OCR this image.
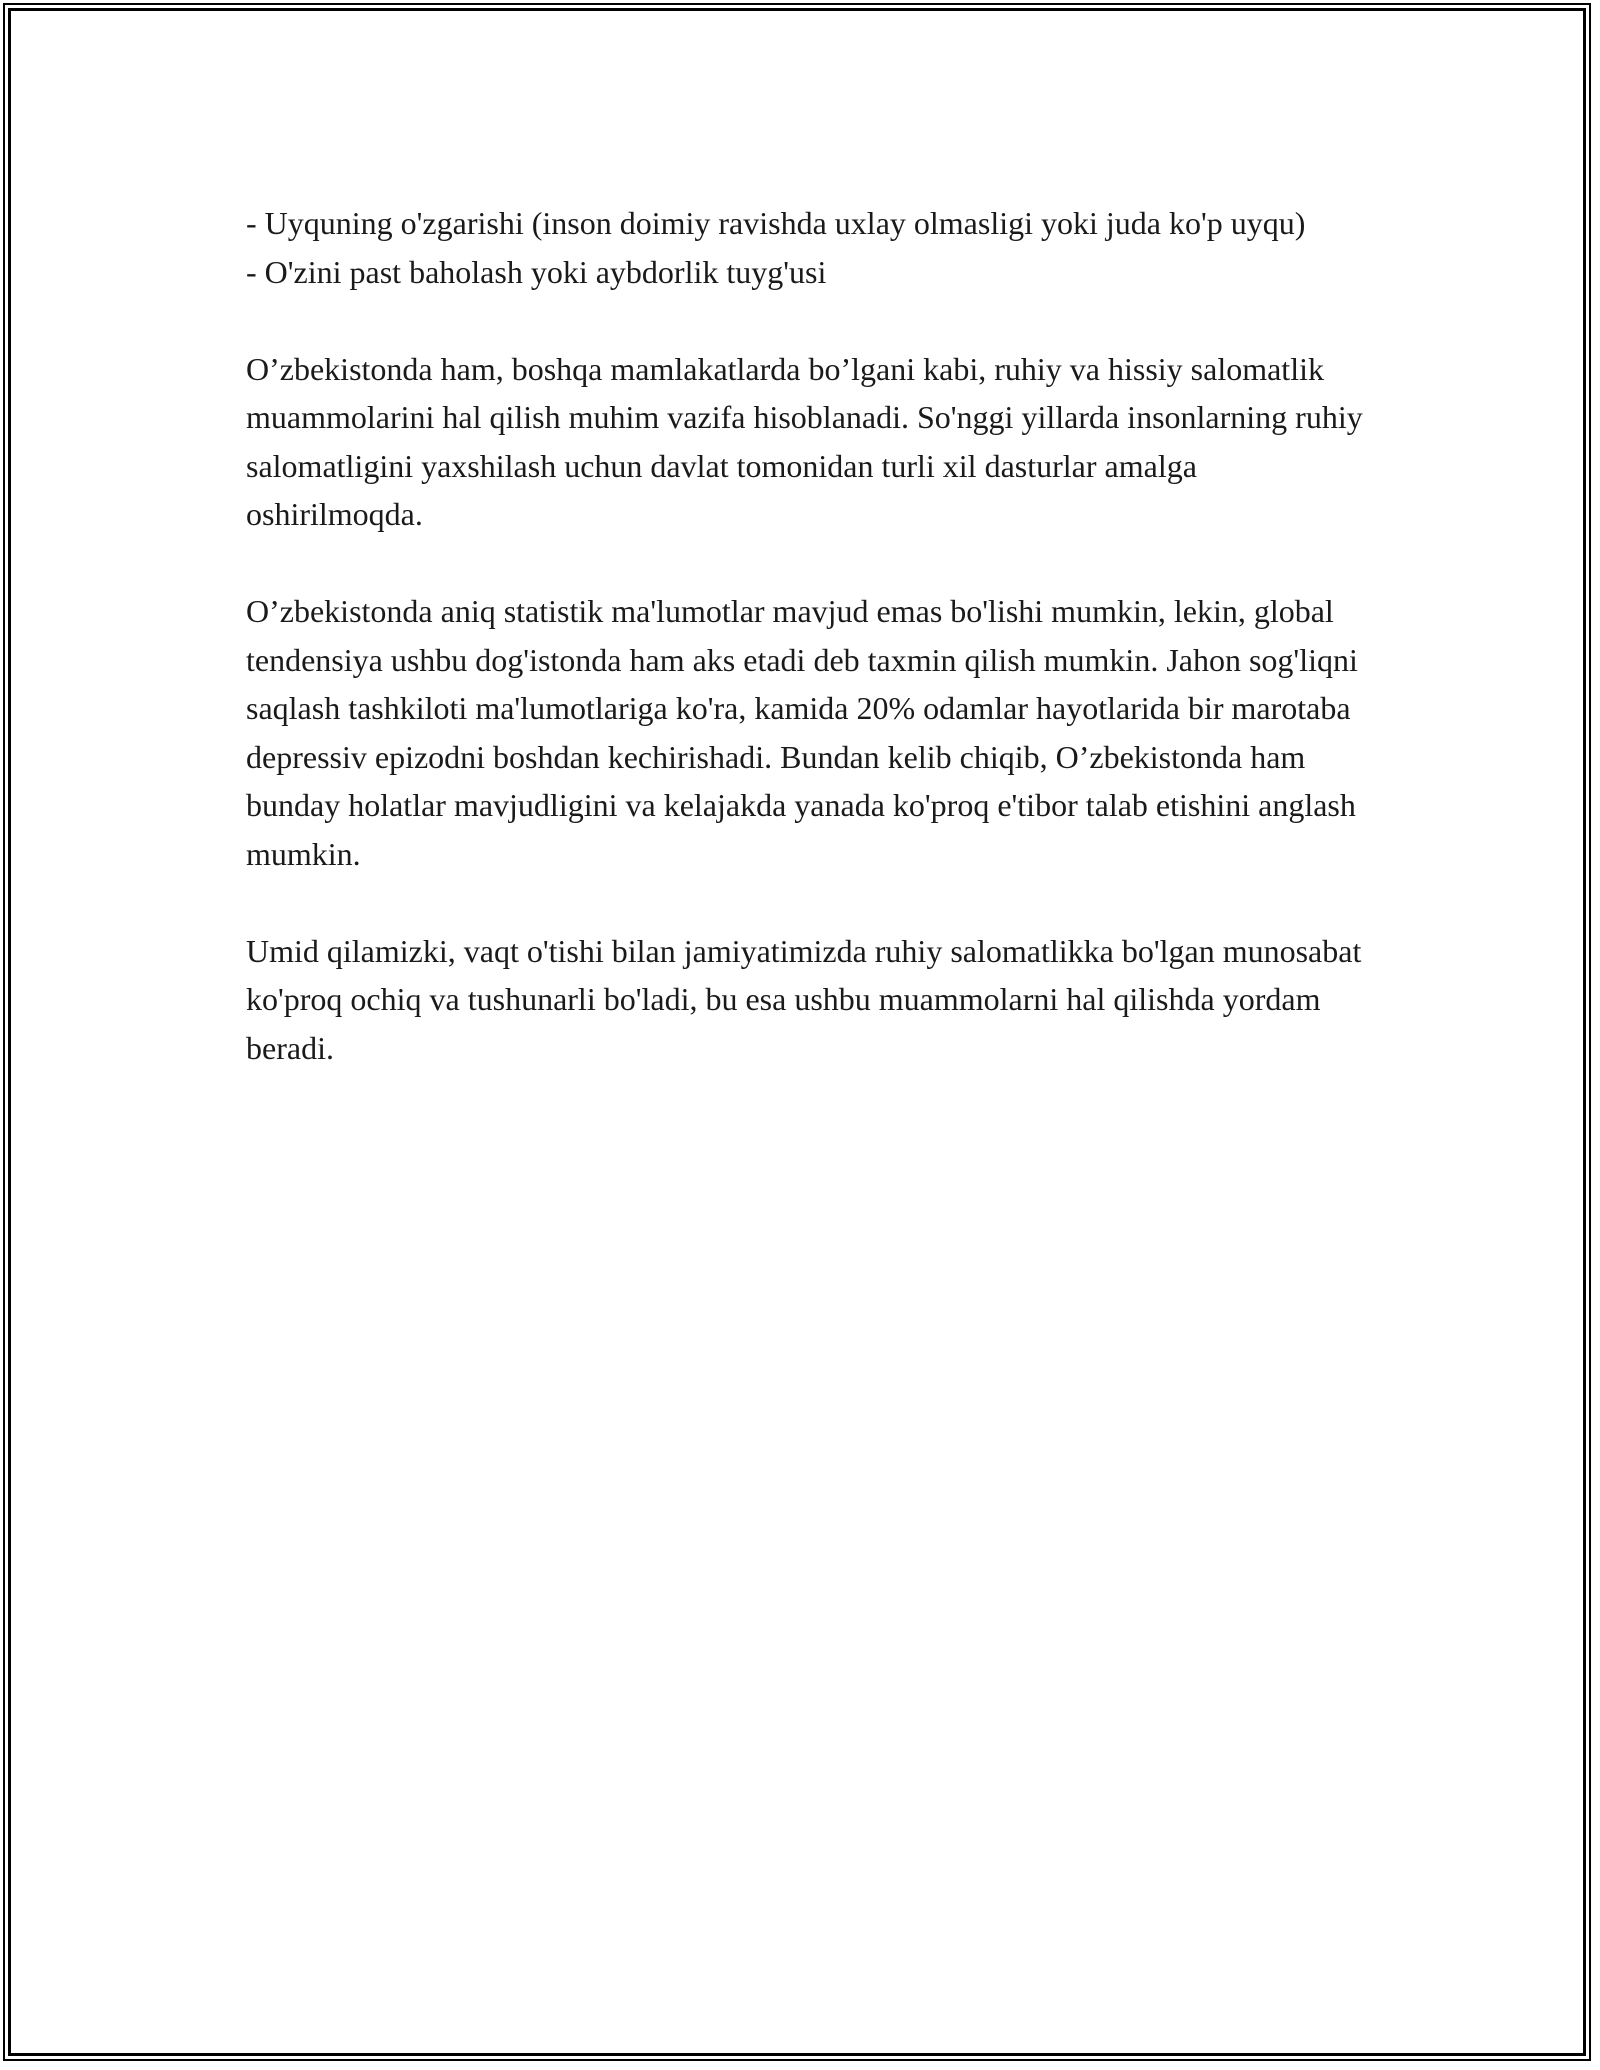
- Uyquning o'zgarishi (inson doimiy ravishda uxlay olmasligi yoki juda ko'p uyqu)
- O'zini past baholash yoki aybdorlik tuyg'usi

O’zbekistonda ham, boshqa mamlakatlarda bo’lgani kabi, ruhiy va hissiy salomatlik muammolarini hal qilish muhim vazifa hisoblanadi. So'nggi yillarda insonlarning ruhiy salomatligini yaxshilash uchun davlat tomonidan turli xil dasturlar amalga oshirilmoqda.

O’zbekistonda aniq statistik ma'lumotlar mavjud emas bo'lishi mumkin, lekin, global tendensiya ushbu dog'istonda ham aks etadi deb taxmin qilish mumkin. Jahon sog'liqni saqlash tashkiloti ma'lumotlariga ko'ra, kamida 20% odamlar hayotlarida bir marotaba depressiv epizodni boshdan kechirishadi. Bundan kelib chiqib, O’zbekistonda ham bunday holatlar mavjudligini va kelajakda yanada ko'proq e'tibor talab etishini anglash mumkin.

Umid qilamizki, vaqt o'tishi bilan jamiyatimizda ruhiy salomatlikka bo'lgan munosabat ko'proq ochiq va tushunarli bo'ladi, bu esa ushbu muammolarni hal qilishda yordam beradi.
